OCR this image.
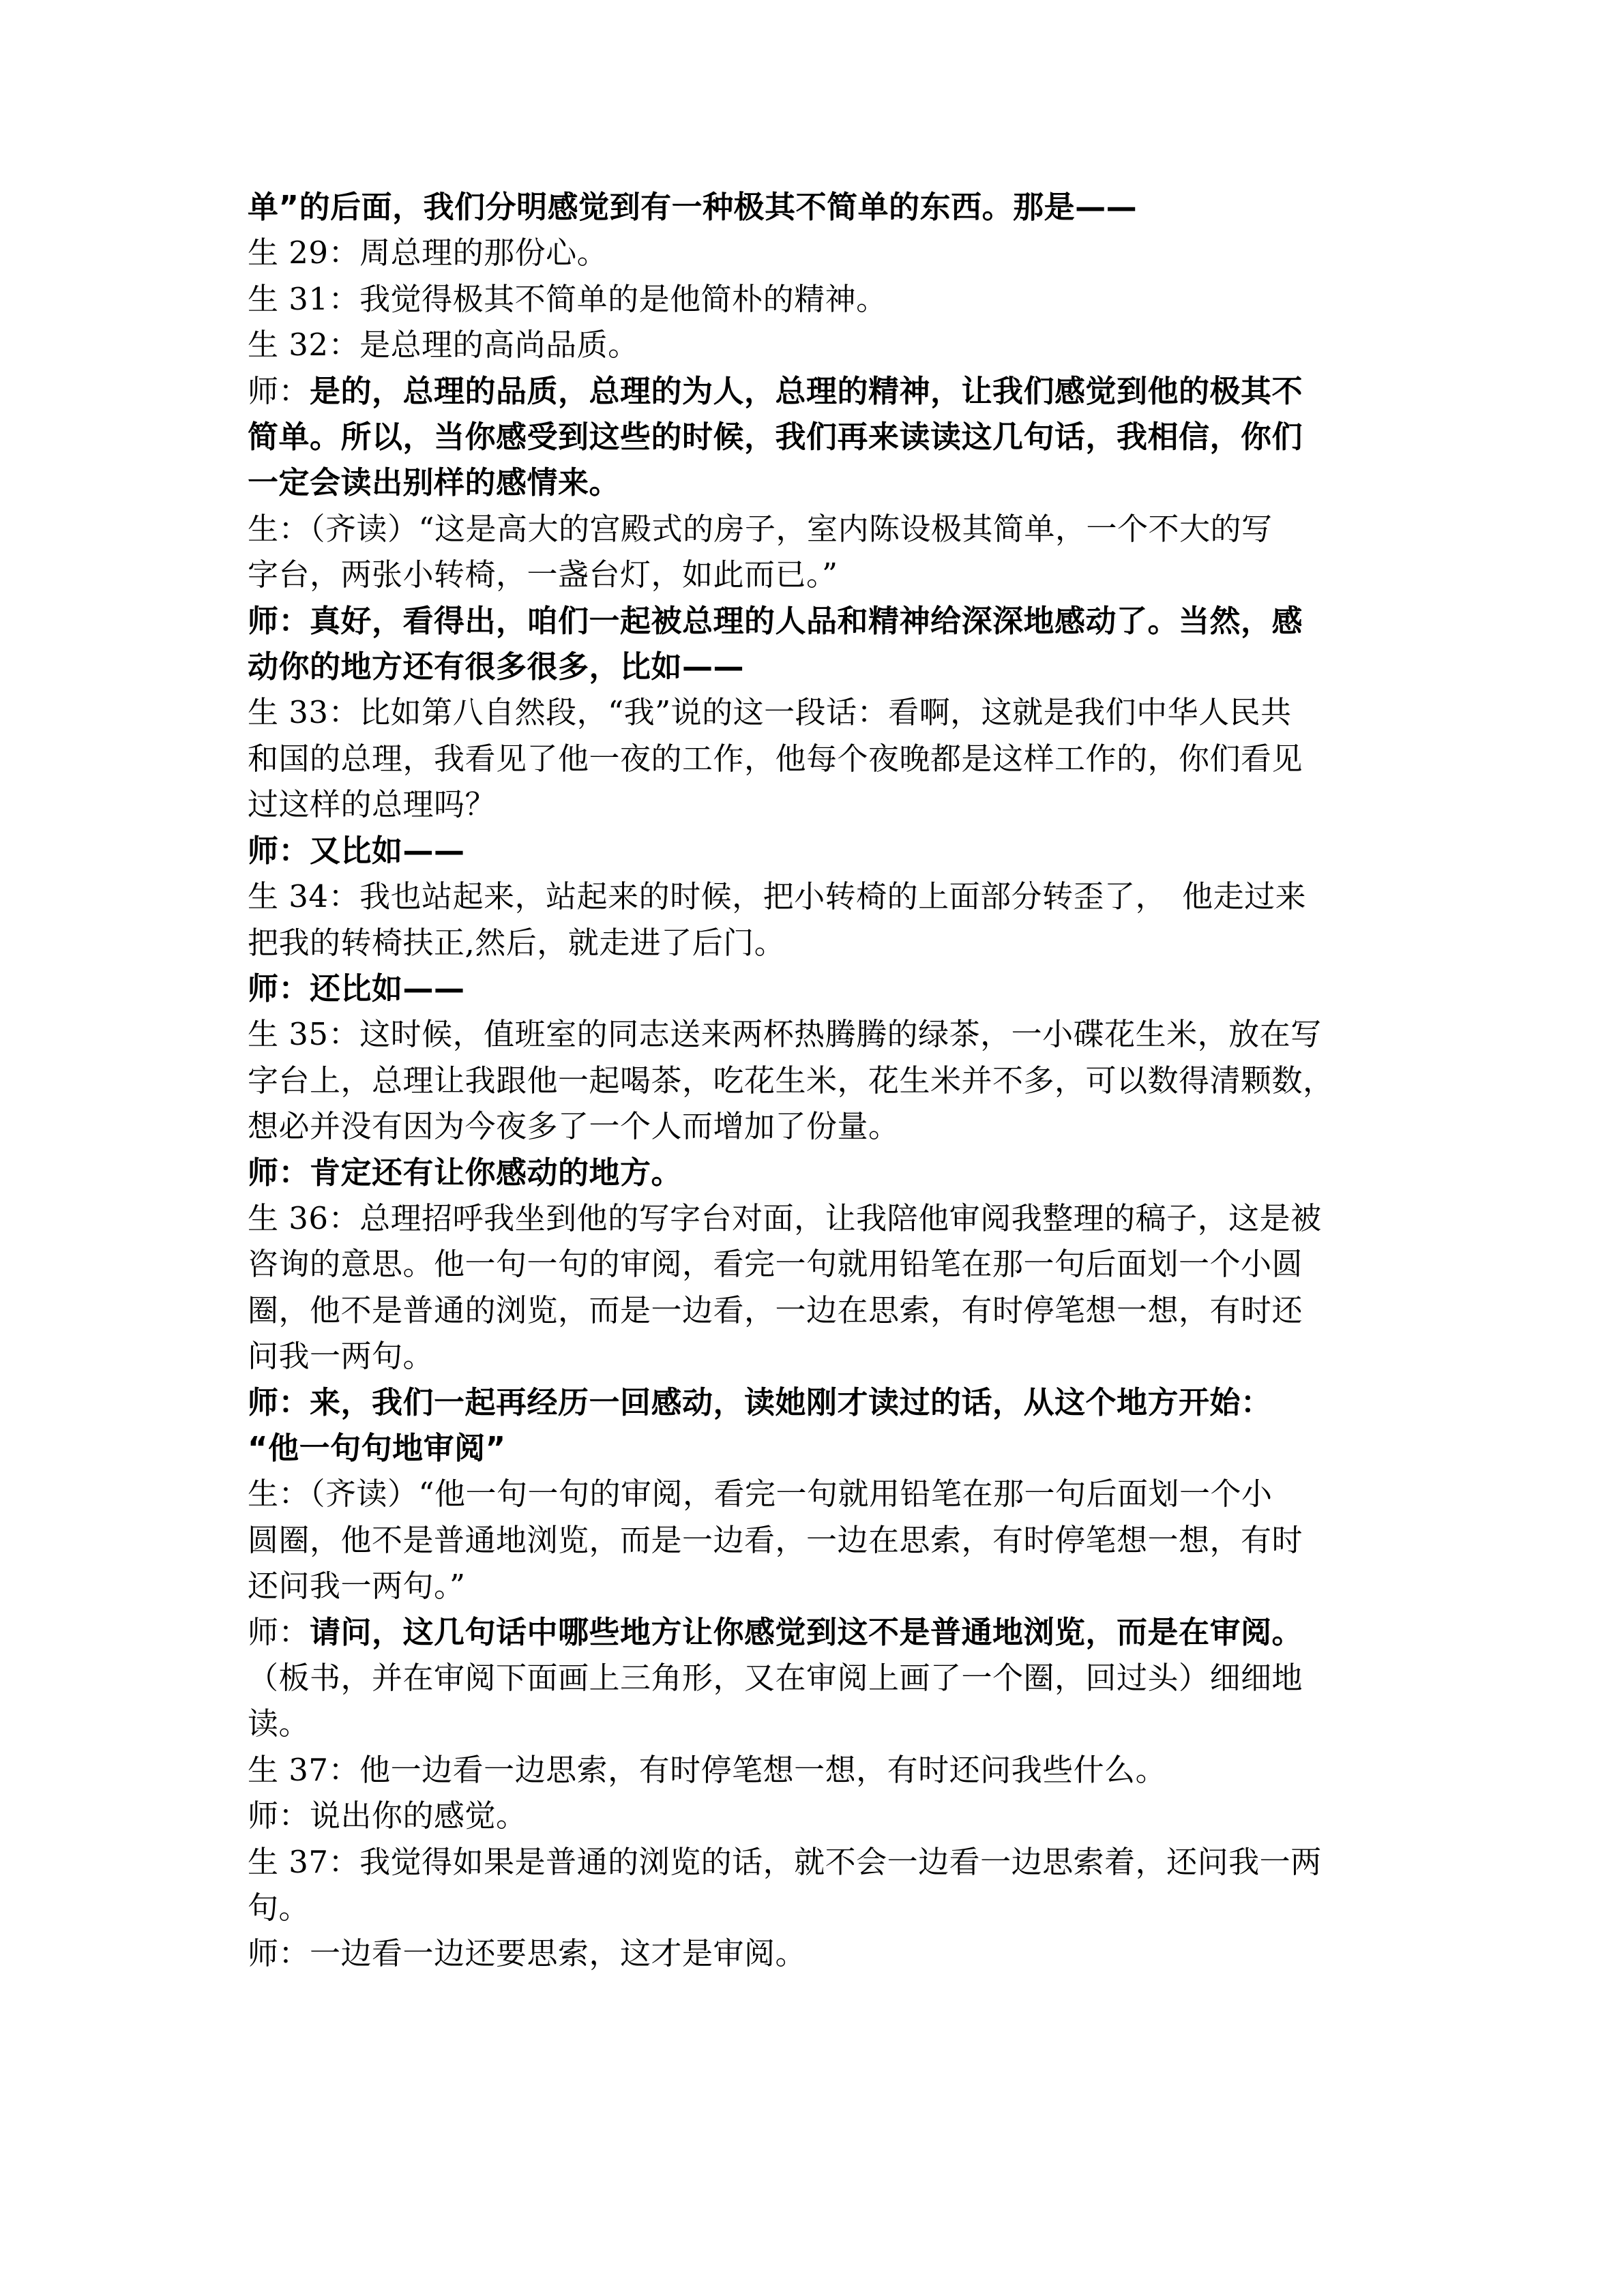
单”的后面，我们分明感觉到有一种极其不简单的东西。那是——

生 29：周总理的那份心。

生 31：我觉得极其不简单的是他简朴的精神。

生 32：是总理的高尚品质。

师：是的，总理的品质，总理的为人，总理的精神，让我们感觉到他的极其不

简单。所以，当你感受到这些的时候，我们再来读读这几句话，我相信，你们

一定会读出别样的感情来。

生：（齐读）“这是高大的宫殿式的房子，室内陈设极其简单，一个不大的写

字台，两张小转椅，一盏台灯，如此而已。”

师：真好，看得出，咱们一起被总理的人品和精神给深深地感动了。当然，感

动你的地方还有很多很多，比如——

生 33：比如第八自然段，“我”说的这一段话：看啊，这就是我们中华人民共

和国的总理，我看见了他一夜的工作，他每个夜晚都是这样工作的，你们看见

过这样的总理吗？

师：又比如——

生 34：我也站起来，站起来的时候，把小转椅的上面部分转歪了，　他走过来

把我的转椅扶正,然后，就走进了后门。

师：还比如——

生 35：这时候，值班室的同志送来两杯热腾腾的绿茶，一小碟花生米，放在写

字台上，总理让我跟他一起喝茶，吃花生米，花生米并不多，可以数得清颗数，

想必并没有因为今夜多了一个人而增加了份量。

师：肯定还有让你感动的地方。

生 36：总理招呼我坐到他的写字台对面，让我陪他审阅我整理的稿子，这是被

咨询的意思。他一句一句的审阅，看完一句就用铅笔在那一句后面划一个小圆

圈，他不是普通的浏览，而是一边看，一边在思索，有时停笔想一想，有时还

问我一两句。

师：来，我们一起再经历一回感动，读她刚才读过的话，从这个地方开始：

“他一句句地审阅”

生：（齐读）“他一句一句的审阅，看完一句就用铅笔在那一句后面划一个小

圆圈，他不是普通地浏览，而是一边看，一边在思索，有时停笔想一想，有时

还问我一两句。”

师：请问，这几句话中哪些地方让你感觉到这不是普通地浏览，而是在审阅。

（板书，并在审阅下面画上三角形，又在审阅上画了一个圈，回过头）细细地

读。

生 37：他一边看一边思索，有时停笔想一想，有时还问我些什么。

师：说出你的感觉。

生 37：我觉得如果是普通的浏览的话，就不会一边看一边思索着，还问我一两

句。

师：一边看一边还要思索，这才是审阅。
